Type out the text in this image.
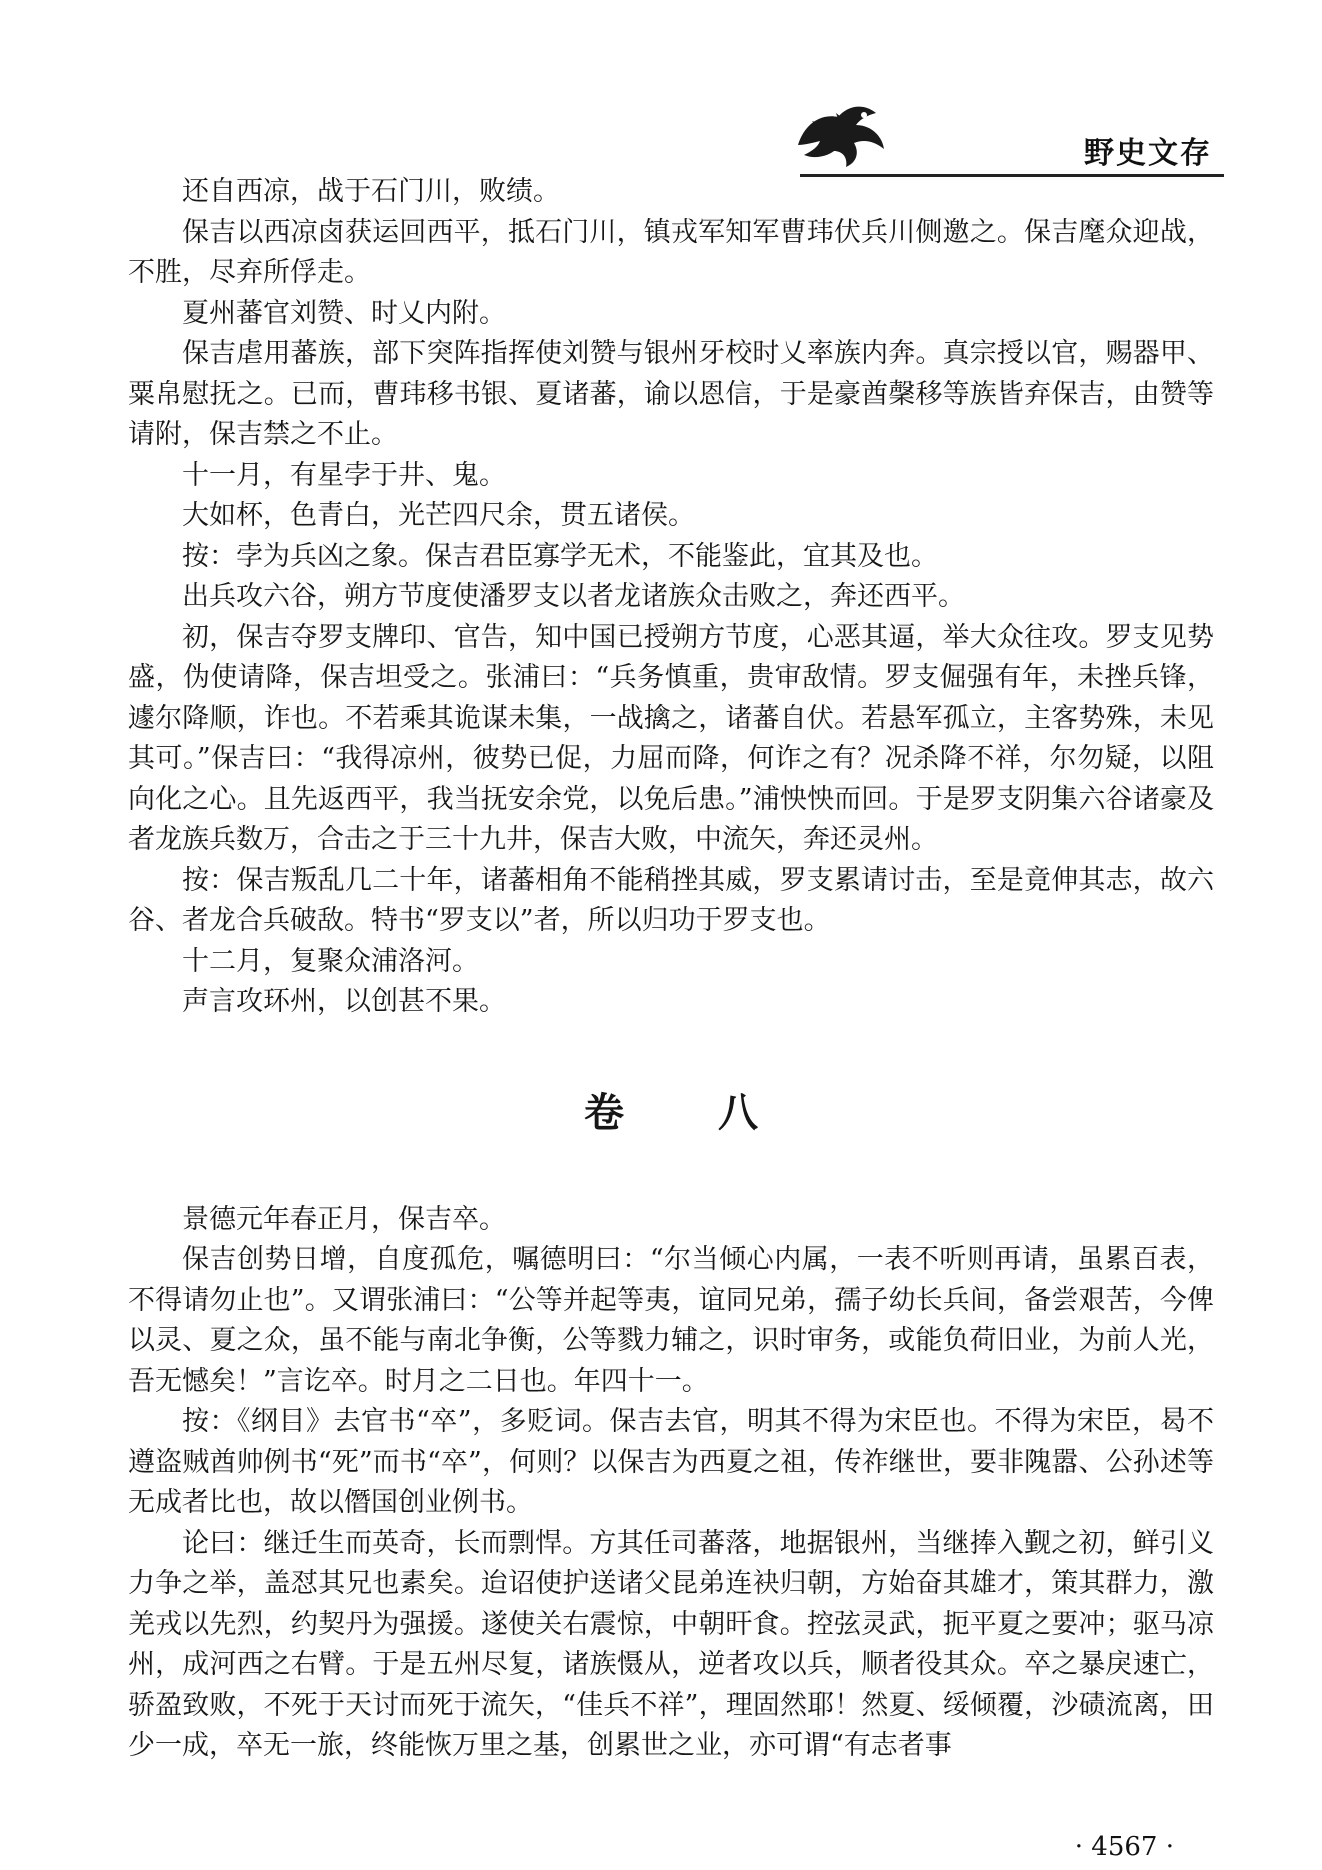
野史文存

还自西凉，战于石门川，败绩。

保吉以西凉卤获运回西平，抵石门川，镇戎军知军曹玮伏兵川侧邀之。保吉麾众迎战，不胜，尽弃所俘走。

夏州蕃官刘赞、时乂内附。

保吉虐用蕃族，部下突阵指挥使刘赞与银州牙校时乂率族内奔。真宗授以官，赐器甲、粟帛慰抚之。已而，曹玮移书银、夏诸蕃，谕以恩信，于是豪酋䅽移等族皆弃保吉，由赞等请附，保吉禁之不止。

十一月，有星孛于井、鬼。

大如杯，色青白，光芒四尺余，贯五诸侯。

按：孛为兵凶之象。保吉君臣寡学无术，不能鉴此，宜其及也。

出兵攻六谷，朔方节度使潘罗支以者龙诸族众击败之，奔还西平。

初，保吉夺罗支牌印、官告，知中国已授朔方节度，心恶其逼，举大众往攻。罗支见势盛，伪使请降，保吉坦受之。张浦曰：“兵务慎重，贵审敌情。罗支倔强有年，未挫兵锋，遽尔降顺，诈也。不若乘其诡谋未集，一战擒之，诸蕃自伏。若悬军孤立，主客势殊，未见其可。”保吉曰：“我得凉州，彼势已促，力屈而降，何诈之有？况杀降不祥，尔勿疑，以阻向化之心。且先返西平，我当抚安余党，以免后患。”浦怏怏而回。于是罗支阴集六谷诸豪及者龙族兵数万，合击之于三十九井，保吉大败，中流矢，奔还灵州。

按：保吉叛乱几二十年，诸蕃相角不能稍挫其威，罗支累请讨击，至是竟伸其志，故六谷、者龙合兵破敌。特书“罗支以”者，所以归功于罗支也。

十二月，复聚众浦洛河。

声言攻环州，以创甚不果。

卷 八

景德元年春正月，保吉卒。

保吉创势日增，自度孤危，嘱德明曰：“尔当倾心内属，一表不听则再请，虽累百表，不得请勿止也”。又谓张浦曰：“公等并起等夷，谊同兄弟，孺子幼长兵间，备尝艰苦，今俾以灵、夏之众，虽不能与南北争衡，公等戮力辅之，识时审务，或能负荷旧业，为前人光，吾无憾矣！”言讫卒。时月之二日也。年四十一。

按：《纲目》去官书“卒”，多贬词。保吉去官，明其不得为宋臣也。不得为宋臣，曷不遵盗贼酋帅例书“死”而书“卒”，何则？以保吉为西夏之祖，传祚继世，要非隗嚣、公孙述等无成者比也，故以僭国创业例书。

论曰：继迁生而英奇，长而剽悍。方其任司蕃落，地据银州，当继捧入觐之初，鲜引义力争之举，盖怼其兄也素矣。迨诏使护送诸父昆弟连袂归朝，方始奋其雄才，策其群力，激羌戎以先烈，约契丹为强援。遂使关右震惊，中朝旰食。控弦灵武，扼平夏之要冲；驱马凉州，成河西之右臂。于是五州尽复，诸族慑从，逆者攻以兵，顺者役其众。卒之暴戾速亡，骄盈致败，不死于天讨而死于流矢，“佳兵不祥”，理固然耶！然夏、绥倾覆，沙碛流离，田少一成，卒无一旅，终能恢万里之基，创累世之业，亦可谓“有志者事

· 4567 ·
